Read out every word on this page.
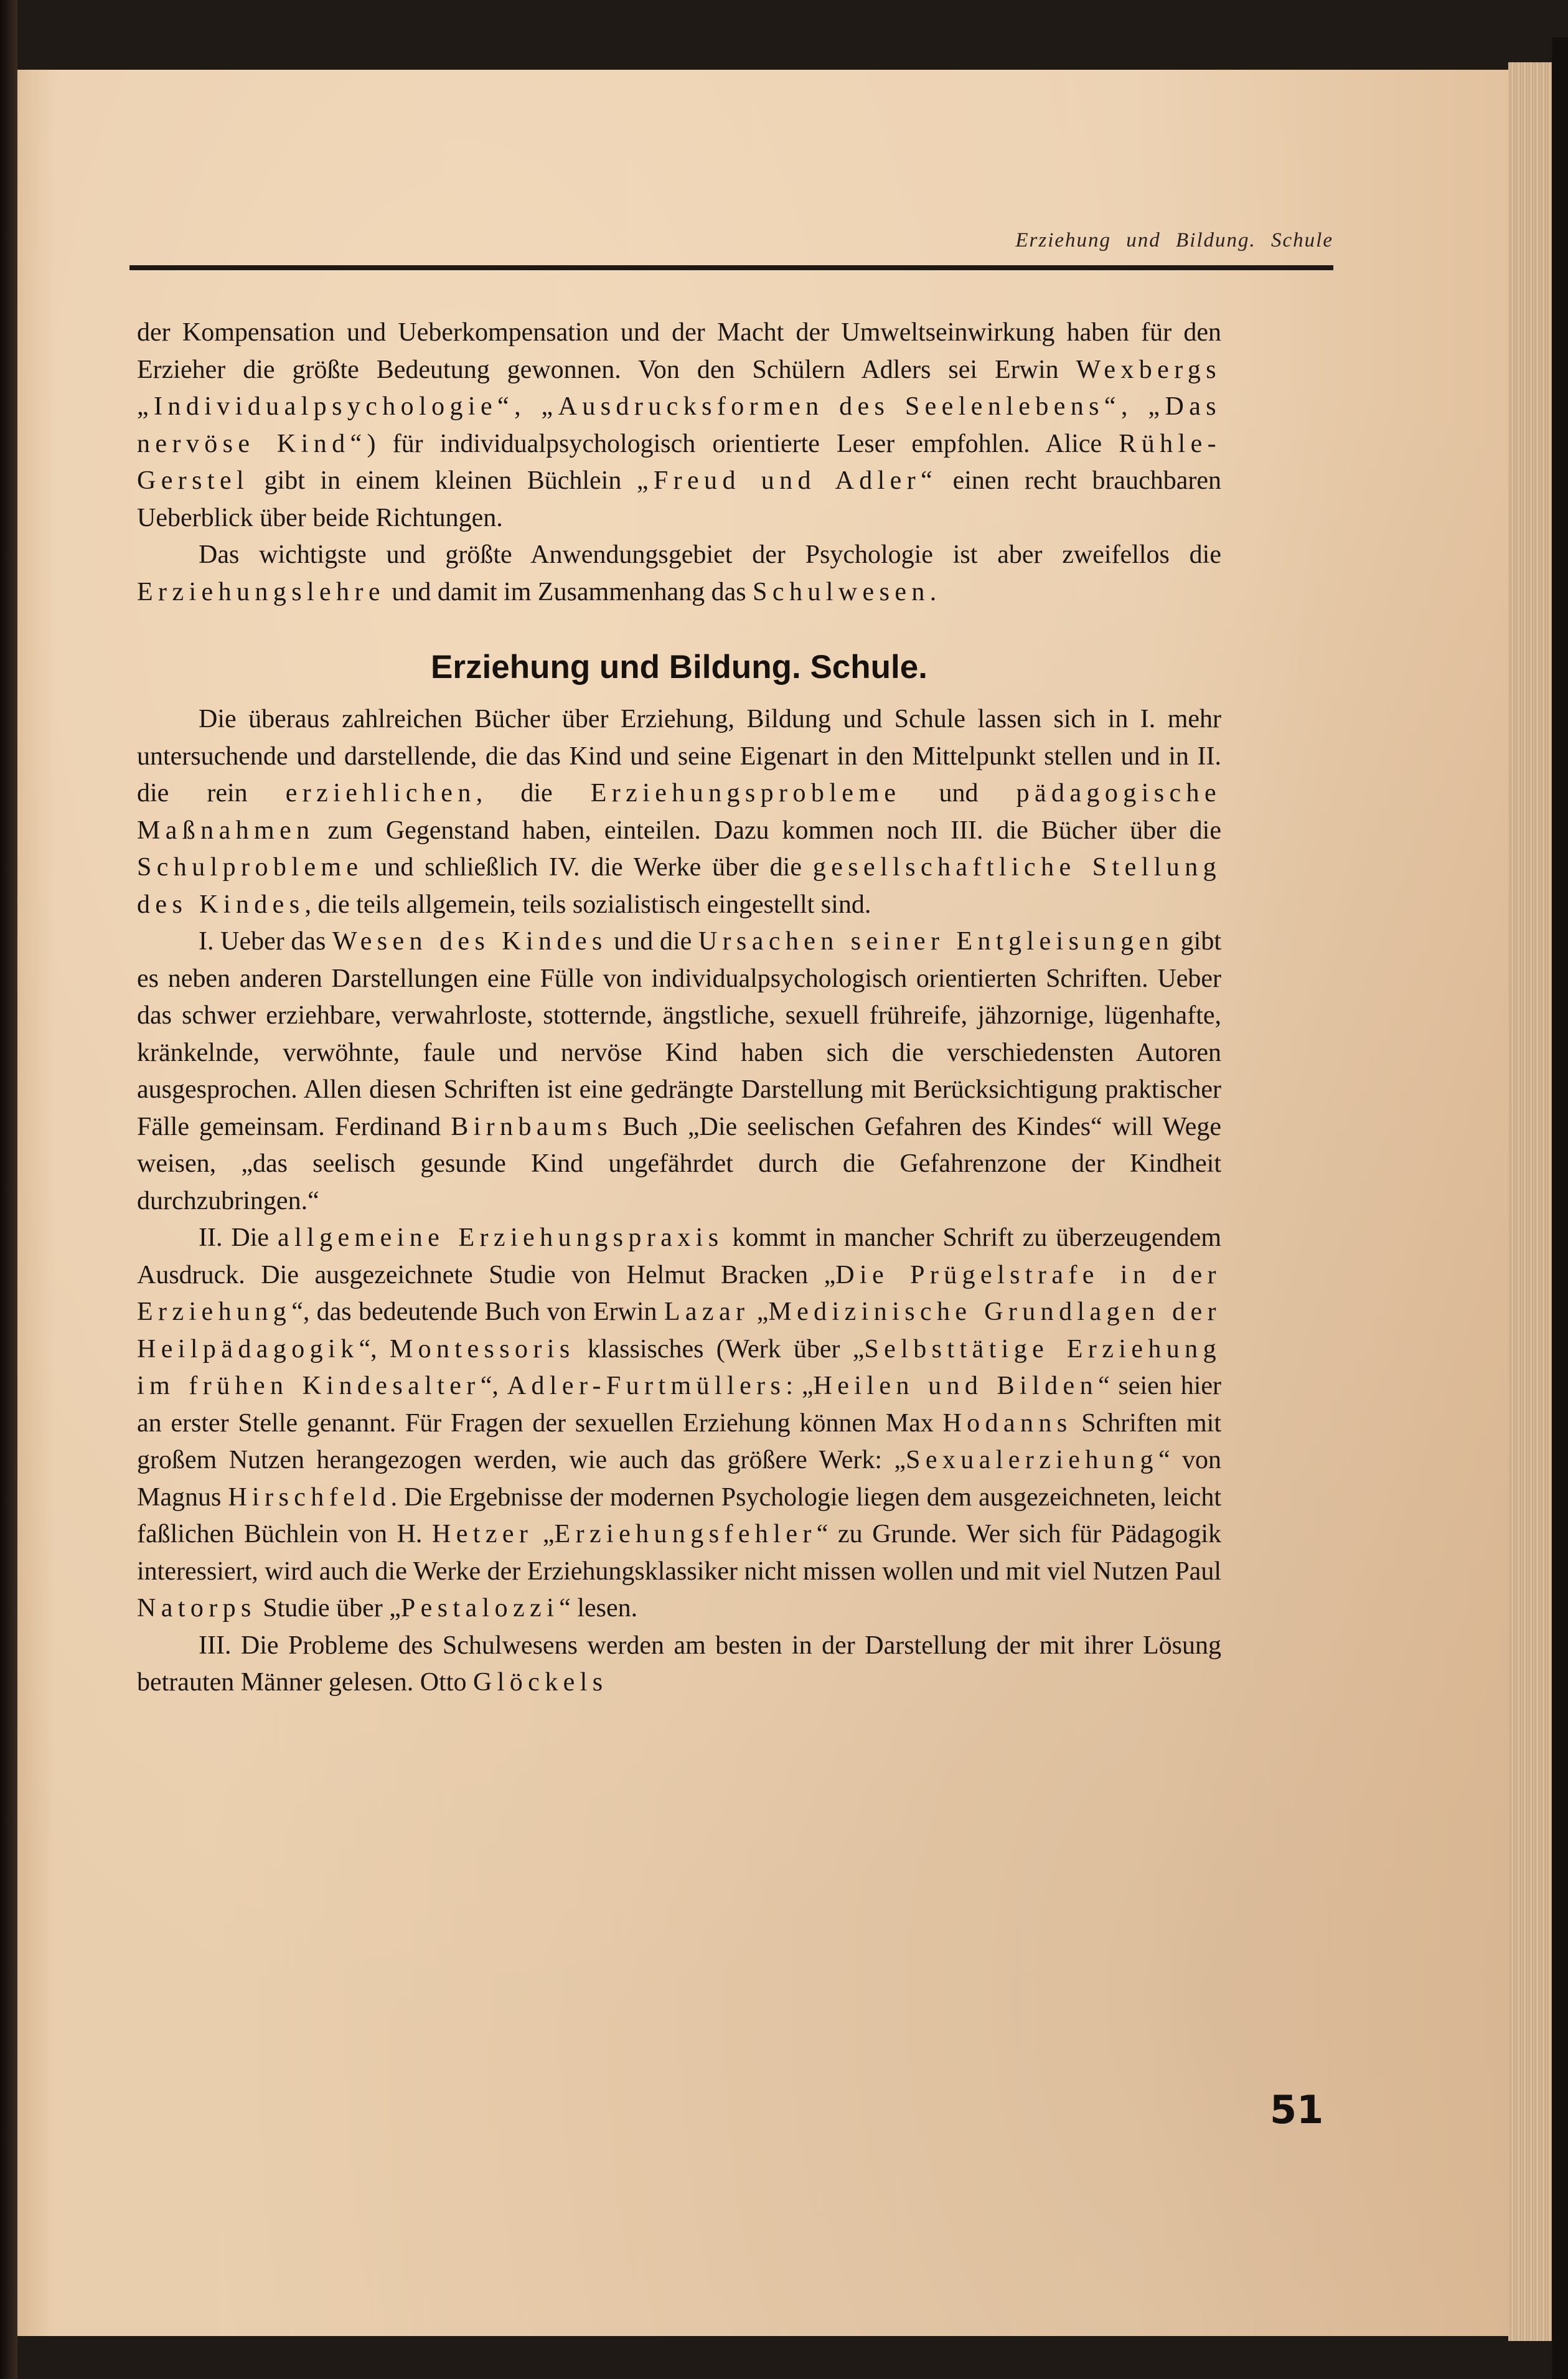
Erziehung und Bildung. Schule

der Kompensation und Ueberkompensation und der Macht der Umweltseinwirkung haben für den Erzieher die größte Bedeutung gewonnen. Von den Schülern Adlers sei Erwin Wexbergs „Individualpsychologie“, „Ausdrucksformen des Seelenlebens“, „Das nervöse Kind“) für individualpsychologisch orientierte Leser empfohlen. Alice Rühle-Gerstel gibt in einem kleinen Büchlein „Freud und Adler“ einen recht brauchbaren Ueberblick über beide Richtungen.

Das wichtigste und größte Anwendungsgebiet der Psychologie ist aber zweifellos die Erziehungslehre und damit im Zusammenhang das Schulwesen.

Erziehung und Bildung. Schule.

Die überaus zahlreichen Bücher über Erziehung, Bildung und Schule lassen sich in I. mehr untersuchende und darstellende, die das Kind und seine Eigenart in den Mittelpunkt stellen und in II. die rein erziehlichen, die Erziehungsprobleme und pädagogische Maßnahmen zum Gegenstand haben, einteilen. Dazu kommen noch III. die Bücher über die Schulprobleme und schließlich IV. die Werke über die gesellschaftliche Stellung des Kindes, die teils allgemein, teils sozialistisch eingestellt sind.

I. Ueber das Wesen des Kindes und die Ursachen seiner Entgleisungen gibt es neben anderen Darstellungen eine Fülle von individualpsychologisch orientierten Schriften. Ueber das schwer erziehbare, verwahrloste, stotternde, ängstliche, sexuell frühreife, jähzornige, lügenhafte, kränkelnde, verwöhnte, faule und nervöse Kind haben sich die verschiedensten Autoren ausgesprochen. Allen diesen Schriften ist eine gedrängte Darstellung mit Berücksichtigung praktischer Fälle gemeinsam. Ferdinand Birnbaums Buch „Die seelischen Gefahren des Kindes“ will Wege weisen, „das seelisch gesunde Kind ungefährdet durch die Gefahrenzone der Kindheit durchzubringen.“

II. Die allgemeine Erziehungspraxis kommt in mancher Schrift zu überzeugendem Ausdruck. Die ausgezeichnete Studie von Helmut Bracken „Die Prügelstrafe in der Erziehung“, das bedeutende Buch von Erwin Lazar „Medizinische Grundlagen der Heilpädagogik“, Montessoris klassisches (Werk über „Selbsttätige Erziehung im frühen Kindesalter“, Adler-Furtmüllers: „Heilen und Bilden“ seien hier an erster Stelle genannt. Für Fragen der sexuellen Erziehung können Max Hodanns Schriften mit großem Nutzen herangezogen werden, wie auch das größere Werk: „Sexualerziehung“ von Magnus Hirschfeld. Die Ergebnisse der modernen Psychologie liegen dem ausgezeichneten, leicht faßlichen Büchlein von H. Hetzer „Erziehungsfehler“ zu Grunde. Wer sich für Pädagogik interessiert, wird auch die Werke der Erziehungsklassiker nicht missen wollen und mit viel Nutzen Paul Natorps Studie über „Pestalozzi“ lesen.

III. Die Probleme des Schulwesens werden am besten in der Darstellung der mit ihrer Lösung betrauten Männer gelesen. Otto Glöckels

51
